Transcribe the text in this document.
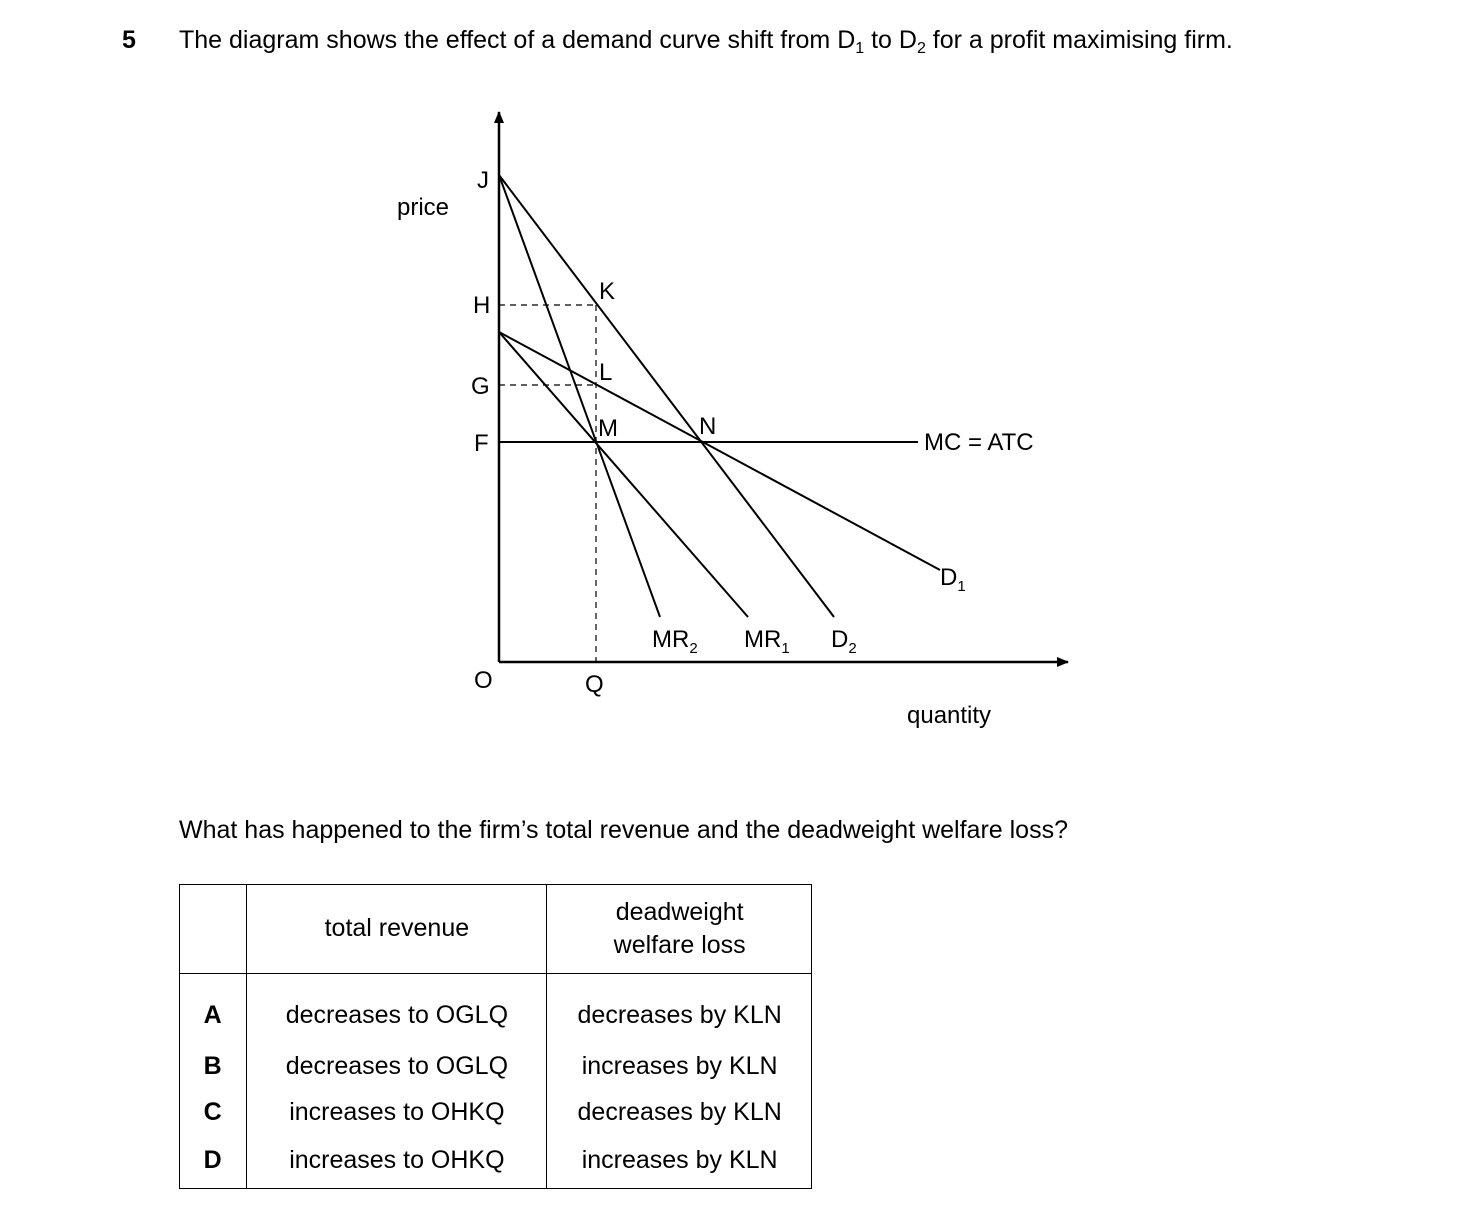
5 The diagram shows the effect of a demand curve shift from $D_1$ to $D_2$ for a profit maximising firm.
price
quantity
O	Q
J
H
G
F
K
L
M	N
MC = ATC
$D_1$
$MR_2$ $MR_1$ $D_2$
What has happened to the firm’s total revenue and the deadweight welfare loss?
	total revenue	deadweight
welfare loss

A	decreases to OGLQ	decreases by KLN
B	decreases to OGLQ	increases by KLN
C	increases to OHKQ	decreases by KLN
D	increases to OHKQ	increases by KLN
